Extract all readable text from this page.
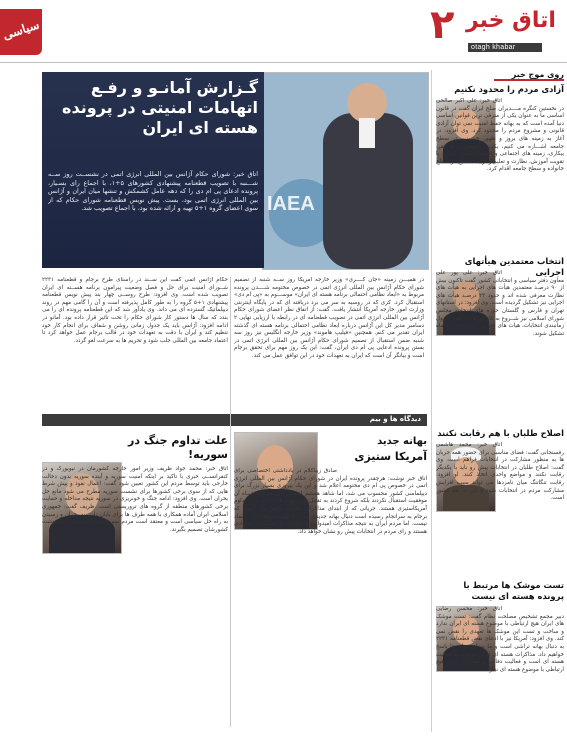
سیاسی	۲ اتاق خبر
otagh khabar
IAEA
گـزارش آمانـو و رفـع
اتهامات امنیتی در پرونده
هسته ای ایران
اتاق خبر: شورای حکام آژانس بین المللی انرژی اتمی در نشســت روز ســه شـــنبه با تصویب قطعنامه پیشنهادی کشورهای ۵+۱، با اجماع رای بسـیار، پرونده ادعای پی ام دی را که دهه عامل کشمکش و تنشها میان ایران و آژانس بین المللی انرژی اتمی بود، بست. پیش نویس قطعنامه شورای حکام که از سوی اعضای گروه ۱+۵ تهیه و ارائه شده بود، با اجماع تصویب شد.
در همیـــن زمینه «جان کــــری» وزیر خارجه آمریکا روز ســه شنبه از تصمیم شورای حکام آژانس بین المللی انرژی اتمی در خصوص مختومه شــــدن پرونده مربوط به «ابعاد نظامی احتمالی برنامه هسته ای ایران» موســـوم به «پی ام دی» استقبال کرد. کری که در روسیه به سر می برد دریافته ای که در پایگاه اینترنتی وزارت امور خارجه آمریکا انتشار یافت، گفت: از اتفاق نظر اعضای شورای حکام آژانس بین المللی انرژی اتمی در تصویب قطعنامه ای در رابطه با ارزیابی نهایی ۲ دسامبر مدیر کل این آژانس درباره ابعاد نظامی احتمالی برنامه هسته ای گذشته ایران تقدیر می کنم. همچنین «فیلیپ هاموند» وزیر خارجه انگلیس نیز روز سه شنبه ضمن استقبال از تصمیم شورای حکام آژانس بین المللی انرژی اتمی در بستن پرونده ادعایی پی ام دی ایران، گفت: این یک روز مهم برای تحقق برجام است و بیانگر آن است که ایران به تعهدات خود در این توافق عمل می کند.
حکام آژانس اتمی گفت این ســند در راستای طرح برجام و قطعنامه ۲۲۳۱ شــورای امنیت برای حل و فصل وضعیت پیرامون برنامه هســته ای ایران تصویب شده است. وی افزود: طرح روســی چهار بند پیش نویس قطعنامه پیشنهادی ۱+۵ گروه را به طور کامل پذیرفته است و آن را گامی مهم در روند دیپلماتیک گسترده ای می داند. وی یادآور شد که این قطعنامه پرونده ای را می بندد که سال ها دستور کار شورای حکام را تحت تاثیر قرار داده بود. آمانو در ادامه افزود: آژانس باید یک جدول زمانی روشن و شفاف برای انجام کار خود تنظیم کند و ایران با دقت به تعهدات خود در قالب برجام عمل خواهد کرد تا اعتماد جامعه بین المللی جلب شود و تحریم ها به سرعت لغو گردد.
دیدگاه ها و بیم
بهانه جدید
آمریکا ستیزی
صادق زیباکلام در یادداشتی اختصاصی برای اتاق خبر نوشت: هرچقدر پرونده ایران در شورای حکام آژانس بین المللی انرژی اتمی در خصوص پی ام دی مختومه اعلام شد و این یک پیروزی بسیار بزرگ برای دیپلماسی کشور محسوب می شد، اما شاهد هستیم اصولگرایان تندرو به تـبـاه آن موفقیت استقبال نکردند بلکه شروع کردند به تقلیل دادن بهانه های جدید برای تداوم آمریکاستیزی هستند. جریانی که از ابتدای مذاکرات مخالف توافق بود، اکنون که برجام به سرانجام رسیده است دنبال بهانه جدیدی است تا بگوید آمریکا قابل اعتماد نیست. اما مردم ایران به نتیجه مذاکرات امیدوارند و خواهان حل مشکلات اقتصادی هستند و رای مردم در انتخابات پیش رو نشان خواهد داد.
علت تداوم جنگ در سوریه!
اتاق خبر: محمد جواد ظریف وزیر امور خارجه کشورمان در نیویورک و در کنفرانســی خبری با تاکید بر اینکه امنیت سوریه و آینده سوریه بدون دخالت خارجی باید توسط مردم این کشور تعیین شود گفت: اعمال نفوذ و پیش شرط هایی که از سوی برخی کشورها برای نشست سوریه مطرح می شود مانع حل بحران است. وی افزود: ادامه جنگ و خونریزی در سوریه نتیجه مداخله و حمایت برخی کشورهای منطقه از گروه های تروریستی است. ظریف گفت: جمهوری اسلامی ایران آماده همکاری با همه طرف ها برای پایان دادن به بحران و رسیدن به راه حل سیاسی است و معتقد است مردم سوریه باید خود درباره سرنوشت کشورشان تصمیم بگیرند.
روی موج خبر
آزادی مردم را محدود نکنیم
اتاق خبر: علی اکبر صالحی در نخستین کنگره مــــدیران صلح ایران گفت در قانون اساسی ما به عنوان یکی از مترقی ترین قوانین اساسی دنیا آمده است که به بهانه حفظ امنیت نمی توان آزادی قانونی و مشروع مردم را محدود کرد. وی افزود: در آغاز به زمینه های بروز و ظهور خشونت در سطح جامعه اشـــاره می کنیم، یکی از مهمترین ها فقر، بیکاری، زمینه های اجتماعی و اقتصادی است که باید با تقویت آموزش، نظارت و تعلیم و تربیت صحیح در سطح خانواده و سطح جامعه اقدام کرد.
انتخاب معتمدین هیأتهای اجرایی
اتاق خبر: علی پور علی معاون دفتر سیاسی و انتخاباتی کشور گفت تاکنون بیش از ۹۰ درصـد معتمدین هیأت های اجرایی به هیأت های نظارت معرفی شده اند و حدود ۲۳ درصـد هیأت های اجرایی نیز تشکیل گردیده است. وی افزود: در استانهای تهران و فارس و گلستان حوزه های انتخابیه مجلس شورای اسلامی نیز شــروع به کار کرده اند. طبق جدول زمانبندی انتخابات، هیات های اجرایی باید تا دوم دی ماه تشکیل شوند.
اصلاح طلبان با هم رقابت نکنند
اتاق خبر: محمد هاشمی رفسنجانی گفت: فضای مناسبی برای حضور همه جریان ها به منظور مشارکت در انتخابات فراهم است. وی گفت: اصلاح طلبان در انتخابات پیش رو باید با یکدیگر رقابت نکنند و مواضع واحدی اتخاذ کنند. او افزود: رقابت تنگاتنگ میان نامزدها می تواند سبب افزایش مشارکت مردم در انتخابات شود و این به نفع کشور است.
تست موشک ها مرتبط با پرونده هسته ای نیست
اتاق خبر: محسن رضایی دبیر مجمع تشخیص مصلحت نظام گفت: تست موشک های ایران هیچ ارتباطی با موضوع هسته ای ایران ندارد و ساخت و تست این موشک ها تعهدی را نقض نمی کند. وی افزود: آمریکا نیز با ادعای نقض قطعنامه ۲۲۳۱ به دنبال بهانه تراشی است و ما به این بهانه ها پاسخ خواهیم داد. مذاکرات هسته ای ایران مربوط به فعالیت هسته ای است و فعالیت دفاعی و موشکی ایران هیچ ارتباطی با موضوع هسته ای ندارد.
